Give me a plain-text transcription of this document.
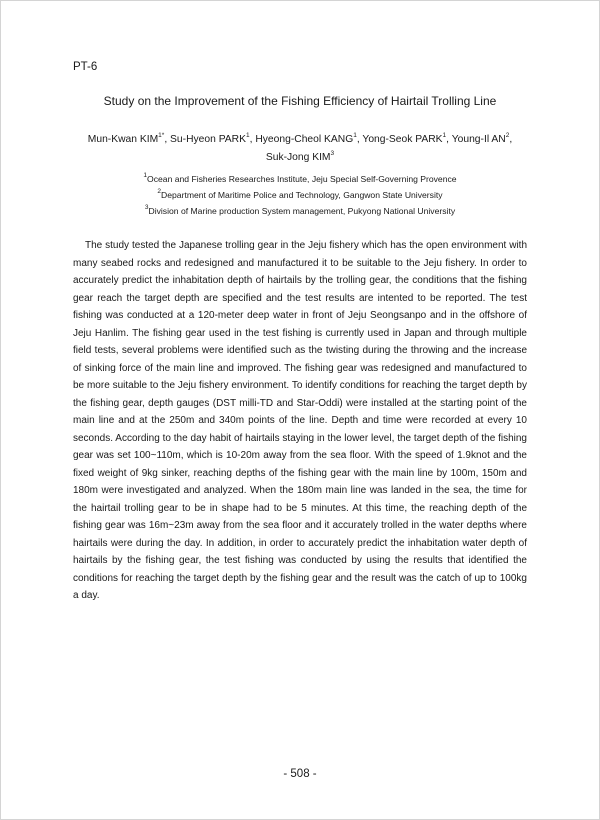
PT-6
Study on the Improvement of the Fishing Efficiency of Hairtail Trolling Line
Mun-Kwan $KIM^{1*}$, Su-Hyeon PARK$^1$, Hyeong-Cheol KANG$^1$, Yong-Seok PARK$^1$, Young-Il $AN^2$,
Suk-Jong KIM$^3$
$^1$Ocean and Fisheries Researches Institute, Jeju Special Self-Governing Provence
$^2$Department of Maritime Police and Technology, Gangwon State University
$^3$Division of Marine production System management, Pukyong National University

The study tested the Japanese trolling gear in the Jeju fishery which has the open environment with many seabed rocks and redesigned and manufactured it to be suitable to the Jeju fishery. In order to accurately predict the inhabitation depth of hairtails by the trolling gear, the conditions that the fishing gear reach the target depth are specified and the test results are intented to be reported. The test fishing was conducted at a 120-meter deep water in front of Jeju Seongsanpo and in the offshore of Jeju Hanlim. The fishing gear used in the test fishing is currently used in Japan and through multiple field tests, several problems were identified such as the twisting during the throwing and the increase of sinking force of the main line and improved. The fishing gear was redesigned and manufactured to be more suitable to the Jeju fishery environment. To identify conditions for reaching the target depth by the fishing gear, depth gauges (DST milli-TD and Star-Oddi) were installed at the starting point of the main line and at the 250m and 340m points of the line. Depth and time were recorded at every 10 seconds. According to the day habit of hairtails staying in the lower level, the target depth of the fishing gear was set 100~110m, which is 10-20m away from the sea floor. With the speed of 1.9knot and the fixed weight of 9kg sinker, reaching depths of the fishing gear with the main line by 100m, 150m and 180m were investigated and analyzed. When the 180m main line was landed in the sea, the time for the hairtail trolling gear to be in shape had to be 5 minutes. At this time, the reaching depth of the fishing gear was 16m~23m away from the sea floor and it accurately trolled in the water depths where hairtails were during the day. In addition, in order to accurately predict the inhabitation water depth of hairtails by the fishing gear, the test fishing was conducted by using the results that identified the conditions for reaching the target depth by the fishing gear and the result was the catch of up to 100kg a day.

- 508 -
